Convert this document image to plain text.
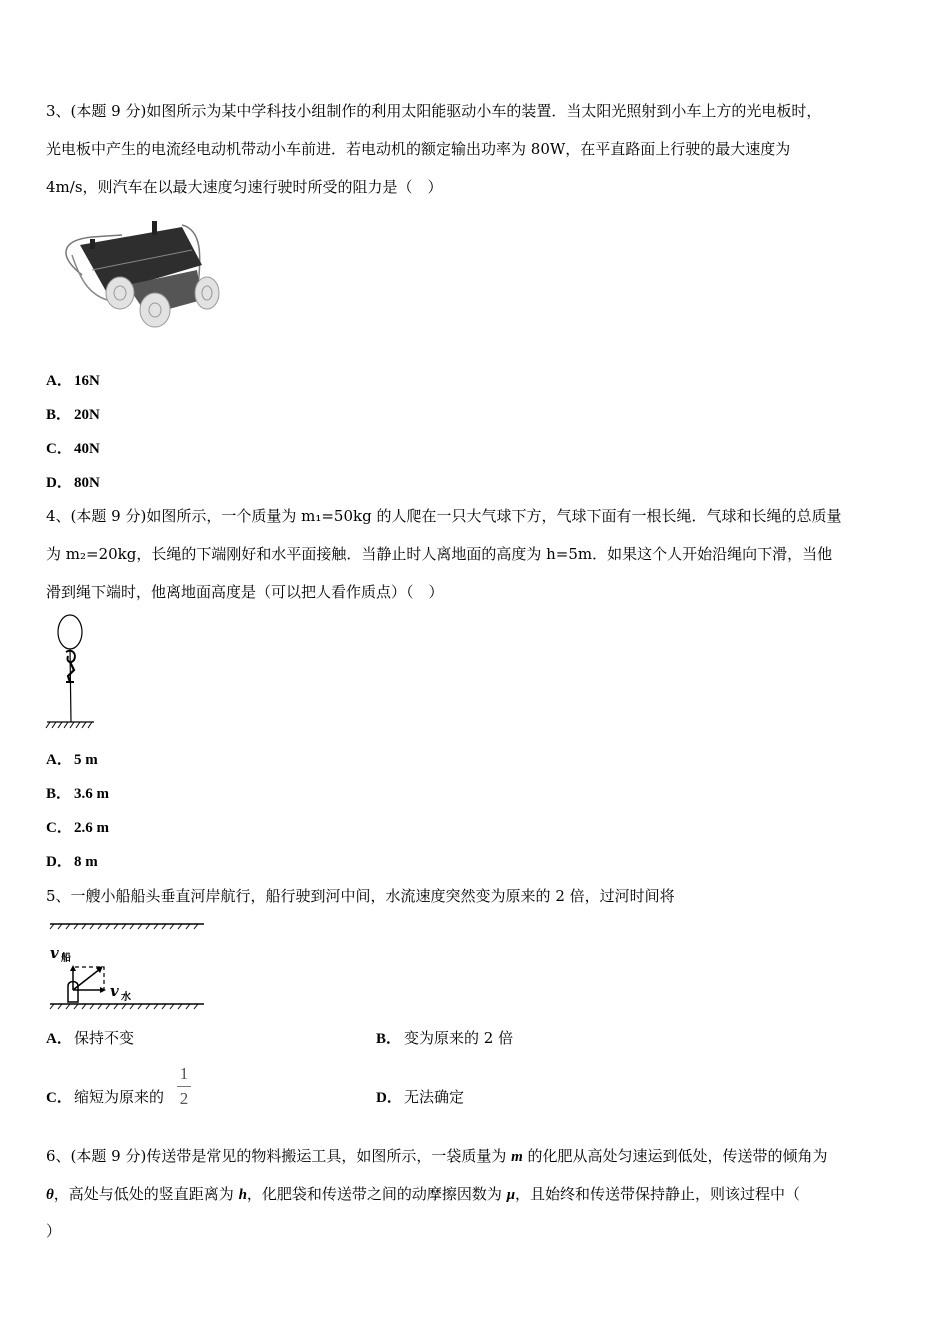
3、(本题 9 分)如图所示为某中学科技小组制作的利用太阳能驱动小车的装置．当太阳光照射到小车上方的光电板时，
光电板中产生的电流经电动机带动小车前进．若电动机的额定输出功率为 80W，在平直路面上行驶的最大速度为
4m/s，则汽车在以最大速度匀速行驶时所受的阻力是（　）
A． 16N
B． 20N
C． 40N
D． 80N
4、(本题 9 分)如图所示，一个质量为 m₁=50kg 的人爬在一只大气球下方，气球下面有一根长绳．气球和长绳的总质量
为 m₂=20kg，长绳的下端刚好和水平面接触．当静止时人离地面的高度为 h=5m．如果这个人开始沿绳向下滑，当他
滑到绳下端时，他离地面高度是（可以把人看作质点）（　）
A． 5 m
B． 3.6 m
C． 2.6 m
D． 8 m
5、一艘小船船头垂直河岸航行，船行驶到河中间，水流速度突然变为原来的 2 倍，过河时间将
v 船
v 水
A． 保持不变	B． 变为原来的 2 倍
C． 缩短为原来的
1
2	D． 无法确定
6、(本题 9 分)传送带是常见的物料搬运工具，如图所示，一袋质量为 m 的化肥从高处匀速运到低处，传送带的倾角为
θ，高处与低处的竖直距离为 h，化肥袋和传送带之间的动摩擦因数为 μ，且始终和传送带保持静止，则该过程中（
）
